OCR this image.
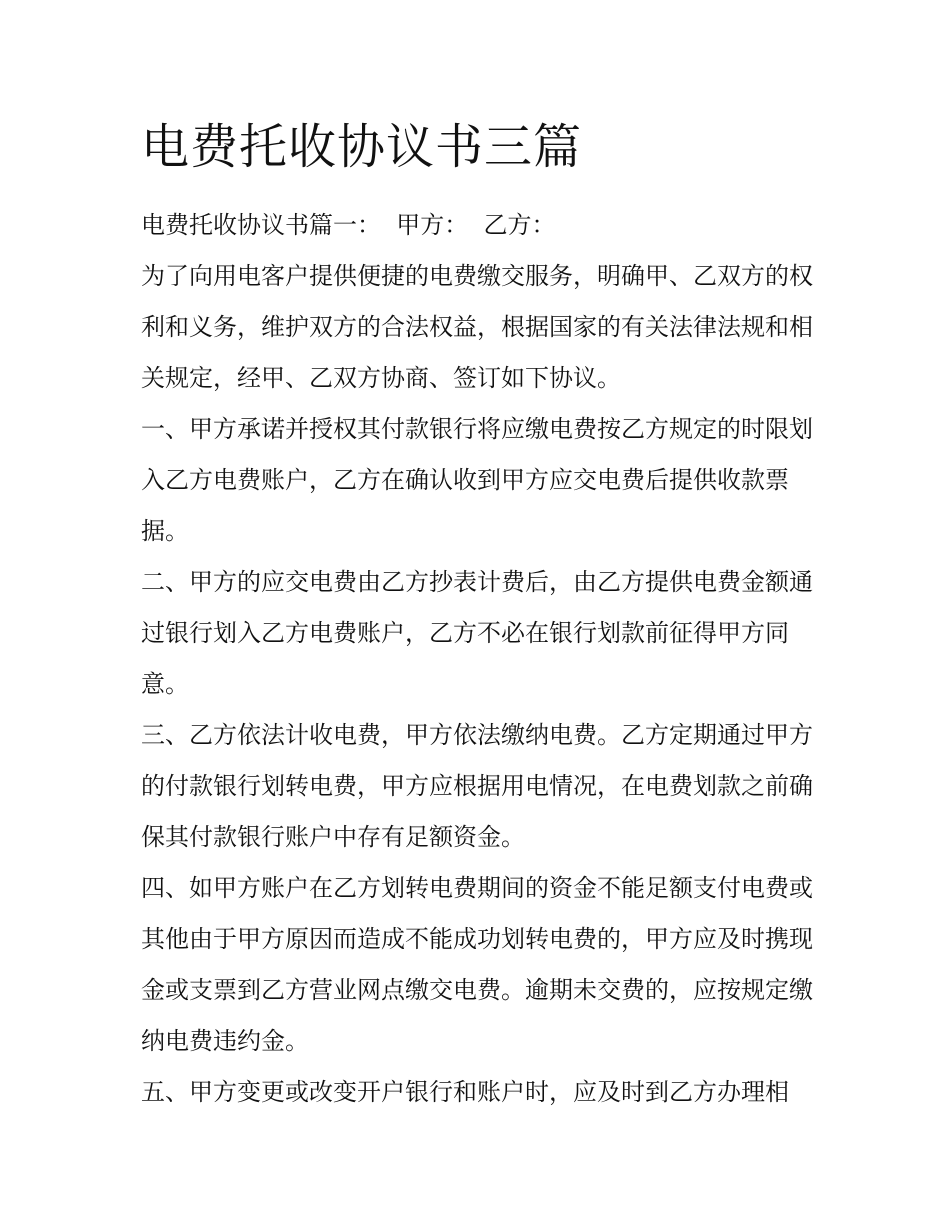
电费托收协议书三篇

电费托收协议书篇一：  甲方：  乙方：

为了向用电客户提供便捷的电费缴交服务，明确甲、乙双方的权利和义务，维护双方的合法权益，根据国家的有关法律法规和相关规定，经甲、乙双方协商、签订如下协议。

一、甲方承诺并授权其付款银行将应缴电费按乙方规定的时限划入乙方电费账户，乙方在确认收到甲方应交电费后提供收款票据。

二、甲方的应交电费由乙方抄表计费后，由乙方提供电费金额通过银行划入乙方电费账户，乙方不必在银行划款前征得甲方同意。

三、乙方依法计收电费，甲方依法缴纳电费。乙方定期通过甲方的付款银行划转电费，甲方应根据用电情况，在电费划款之前确保其付款银行账户中存有足额资金。

四、如甲方账户在乙方划转电费期间的资金不能足额支付电费或其他由于甲方原因而造成不能成功划转电费的，甲方应及时携现金或支票到乙方营业网点缴交电费。逾期未交费的，应按规定缴纳电费违约金。

五、甲方变更或改变开户银行和账户时，应及时到乙方办理相
